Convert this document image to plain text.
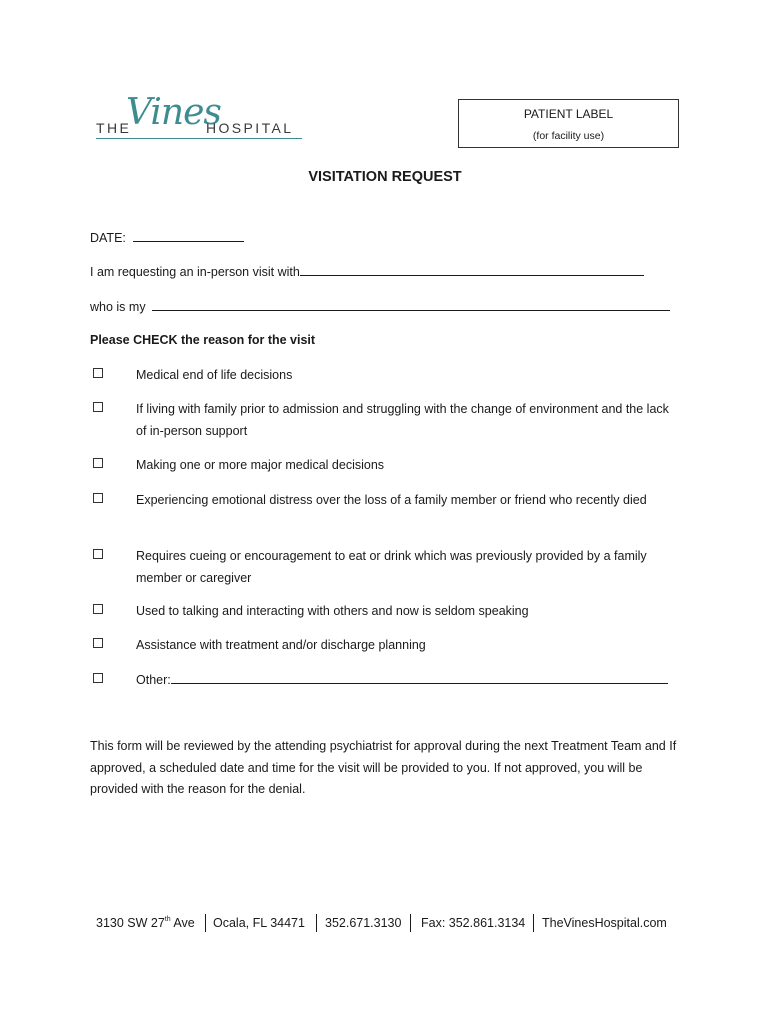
THE
Vines
HOSPITAL
PATIENT LABEL
(for facility use)
VISITATION REQUEST
DATE:
I am requesting an in-person visit with
who is my
Please CHECK the reason for the visit
Medical end of life decisions
If living with family prior to admission and struggling with the change of environment and the lack of in-person support
Making one or more major medical decisions
Experiencing emotional distress over the loss of a family member or friend who recently died
Requires cueing or encouragement to eat or drink which was previously provided by a family member or caregiver
Used to talking and interacting with others and now is seldom speaking
Assistance with treatment and/or discharge planning
Other:
This form will be reviewed by the attending psychiatrist for approval during the next Treatment Team and If approved, a scheduled date and time for the visit will be provided to you. If not approved, you will be provided with the reason for the denial.
3130 SW 27th Ave Ocala, FL 34471 352.671.3130 Fax: 352.861.3134 TheVinesHospital.com
